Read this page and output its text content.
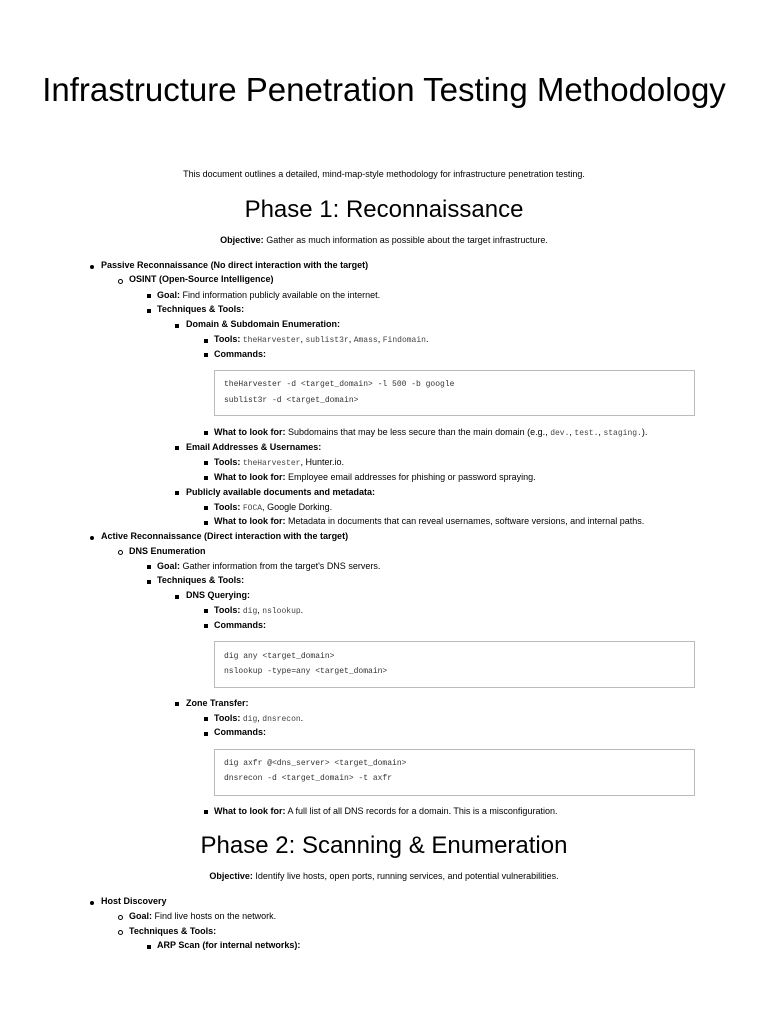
Infrastructure Penetration Testing Methodology

This document outlines a detailed, mind-map-style methodology for infrastructure penetration testing.

Phase 1: Reconnaissance

Objective: Gather as much information as possible about the target infrastructure.

Passive Reconnaissance (No direct interaction with the target)
OSINT (Open-Source Intelligence)
Goal: Find information publicly available on the internet.
Techniques & Tools:
Domain & Subdomain Enumeration:
Tools: theHarvester, sublist3r, Amass, Findomain.
Commands:
theHarvester -d <target_domain> -l 500 -b google
sublist3r -d <target_domain>
What to look for: Subdomains that may be less secure than the main domain (e.g., dev., test., staging.).
Email Addresses & Usernames:
Tools: theHarvester, Hunter.io.
What to look for: Employee email addresses for phishing or password spraying.
Publicly available documents and metadata:
Tools: FOCA, Google Dorking.
What to look for: Metadata in documents that can reveal usernames, software versions, and internal paths.
Active Reconnaissance (Direct interaction with the target)
DNS Enumeration
Goal: Gather information from the target's DNS servers.
Techniques & Tools:
DNS Querying:
Tools: dig, nslookup.
Commands:
dig any <target_domain>
nslookup -type=any <target_domain>
Zone Transfer:
Tools: dig, dnsrecon.
Commands:
dig axfr @<dns_server> <target_domain>
dnsrecon -d <target_domain> -t axfr
What to look for: A full list of all DNS records for a domain. This is a misconfiguration.
Phase 2: Scanning & Enumeration

Objective: Identify live hosts, open ports, running services, and potential vulnerabilities.

Host Discovery
Goal: Find live hosts on the network.
Techniques & Tools:
ARP Scan (for internal networks):
